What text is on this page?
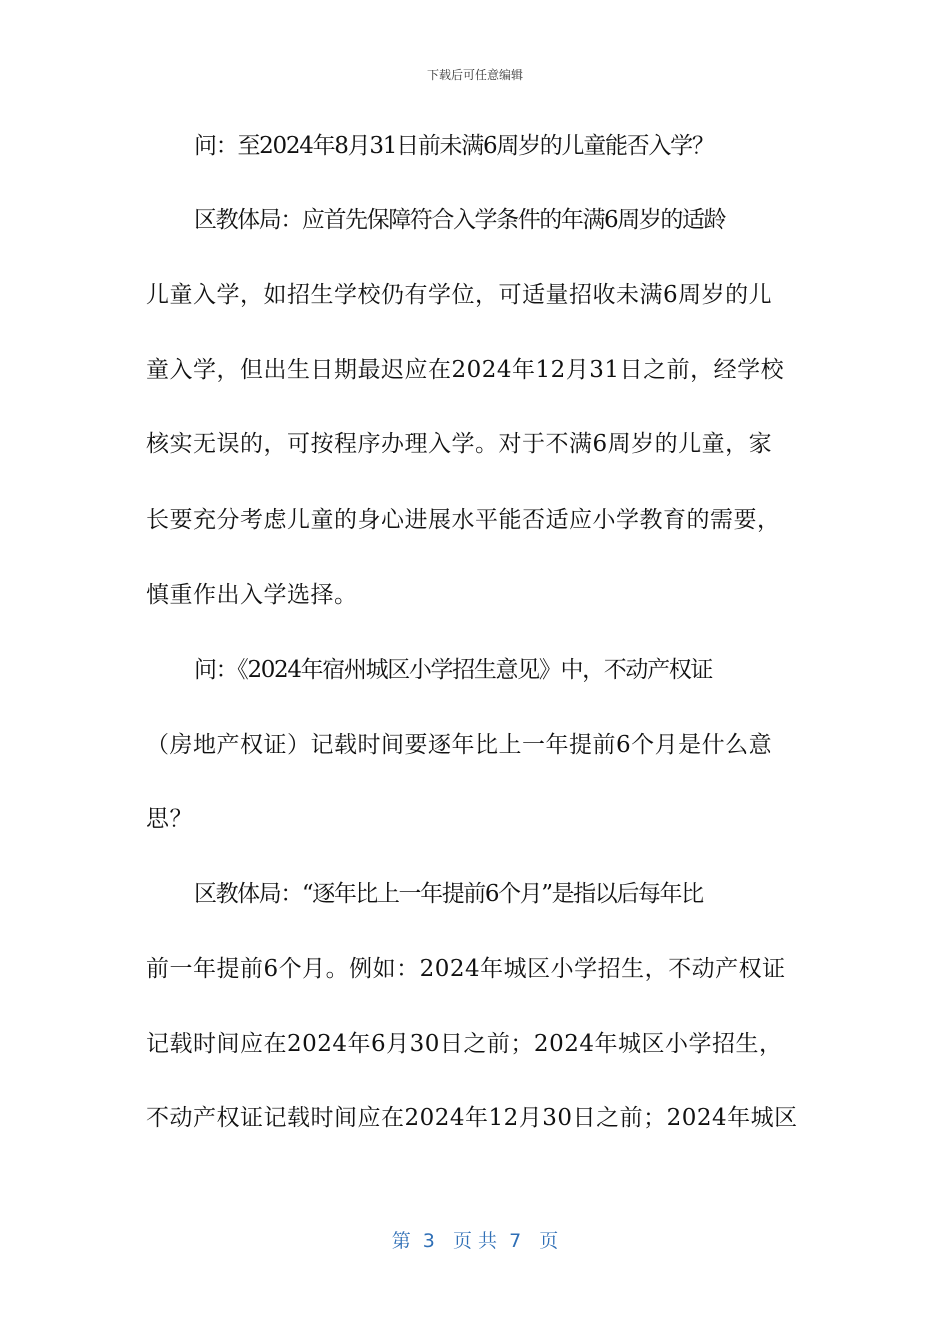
下载后可任意编辑
问：至2024年8月31日前未满6周岁的儿童能否入学？
区教体局：应首先保障符合入学条件的年满6周岁的适龄
儿童入学，如招生学校仍有学位，可适量招收未满6周岁的儿
童入学，但出生日期最迟应在2024年12月31日之前，经学校
核实无误的，可按程序办理入学。对于不满6周岁的儿童，家
长要充分考虑儿童的身心进展水平能否适应小学教育的需要，
慎重作出入学选择。
问：《2024年宿州城区小学招生意见》中，不动产权证
（房地产权证）记载时间要逐年比上一年提前6个月是什么意
思？
区教体局：“逐年比上一年提前6个月”是指以后每年比
前一年提前6个月。例如：2024年城区小学招生，不动产权证
记载时间应在2024年6月30日之前；2024年城区小学招生，
不动产权证记载时间应在2024年12月30日之前；2024年城区
第  3   页 共  7   页
